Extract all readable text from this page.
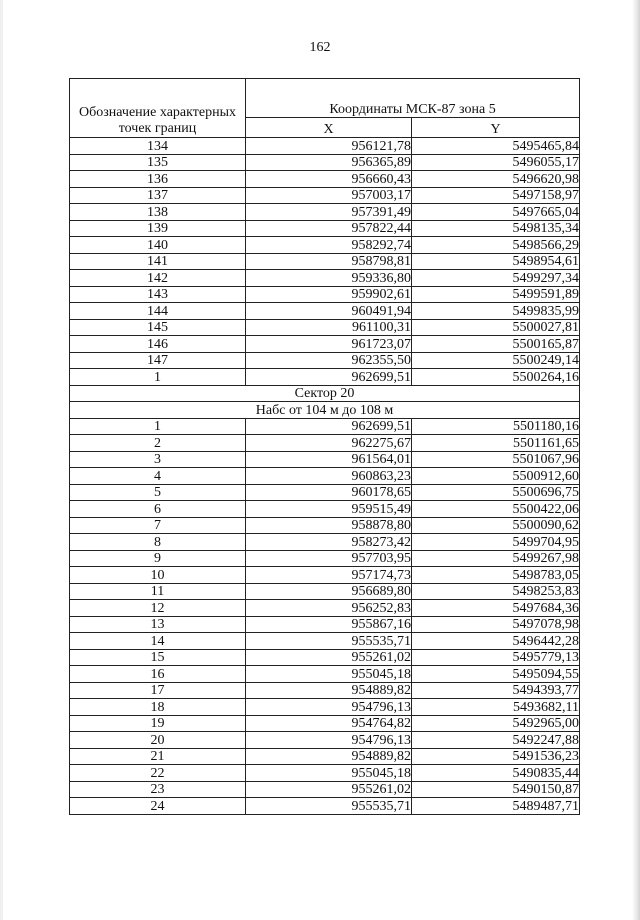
162
Обозначение характерных точек границ	Координаты МСК-87 зона 5	
	X	Y
134	956121,78	5495465,84
135	956365,89	5496055,17
136	956660,43	5496620,98
137	957003,17	5497158,97
138	957391,49	5497665,04
139	957822,44	5498135,34
140	958292,74	5498566,29
141	958798,81	5498954,61
142	959336,80	5499297,34
143	959902,61	5499591,89
144	960491,94	5499835,99
145	961100,31	5500027,81
146	961723,07	5500165,87
147	962355,50	5500249,14
1	962699,51	5500264,16
Сектор 20		
Набс от 104 м до 108 м		
1	962699,51	5501180,16
2	962275,67	5501161,65
3	961564,01	5501067,96
4	960863,23	5500912,60
5	960178,65	5500696,75
6	959515,49	5500422,06
7	958878,80	5500090,62
8	958273,42	5499704,95
9	957703,95	5499267,98
10	957174,73	5498783,05
11	956689,80	5498253,83
12	956252,83	5497684,36
13	955867,16	5497078,98
14	955535,71	5496442,28
15	955261,02	5495779,13
16	955045,18	5495094,55
17	954889,82	5494393,77
18	954796,13	5493682,11
19	954764,82	5492965,00
20	954796,13	5492247,88
21	954889,82	5491536,23
22	955045,18	5490835,44
23	955261,02	5490150,87
24	955535,71	5489487,71
